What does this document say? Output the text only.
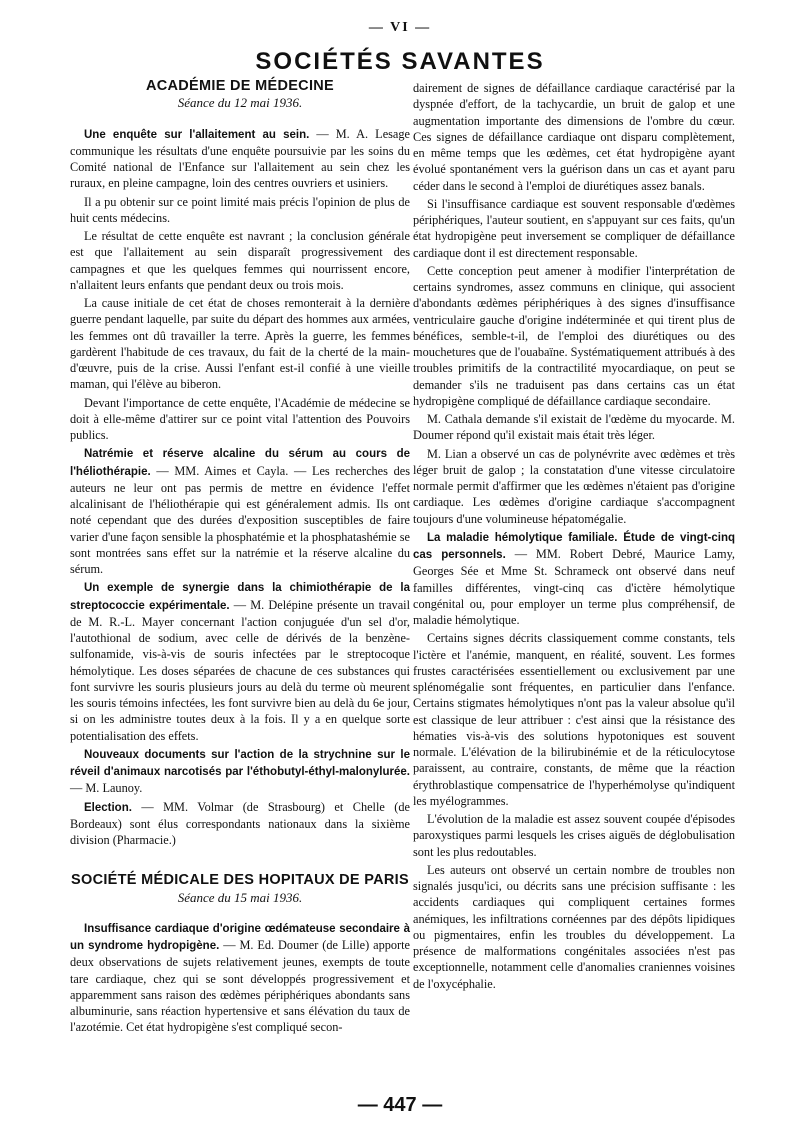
— VI —
SOCIÉTÉS SAVANTES
ACADÉMIE DE MÉDECINE
Séance du 12 mai 1936.

Une enquête sur l'allaitement au sein. — M. A. Lesage communique les résultats d'une enquête poursuivie par les soins du Comité national de l'Enfance sur l'allaitement au sein chez les ruraux, en pleine campagne, loin des centres ouvriers et usiniers.

Il a pu obtenir sur ce point limité mais précis l'opinion de plus de huit cents médecins.

Le résultat de cette enquête est navrant ; la conclusion générale est que l'allaitement au sein disparaît progressivement des campagnes et que les quelques femmes qui nourrissent encore, n'allaitent leurs enfants que pendant deux ou trois mois.

La cause initiale de cet état de choses remonterait à la dernière guerre pendant laquelle, par suite du départ des hommes aux armées, les femmes ont dû travailler la terre. Après la guerre, les femmes gardèrent l'habitude de ces travaux, du fait de la cherté de la main-d'œuvre, puis de la crise. Aussi l'enfant est-il confié à une vieille maman, qui l'élève au biberon.

Devant l'importance de cette enquête, l'Académie de médecine se doit à elle-même d'attirer sur ce point vital l'attention des Pouvoirs publics.

Natrémie et réserve alcaline du sérum au cours de l'héliothérapie. — MM. Aimes et Cayla. — Les recherches des auteurs ne leur ont pas permis de mettre en évidence l'effet alcalinisant de l'héliothérapie qui est généralement admis. Ils ont noté cependant que des durées d'exposition susceptibles de faire varier d'une façon sensible la phosphatémie et la phosphatashémie se sont montrées sans effet sur la natrémie et la réserve alcaline du sérum.

Un exemple de synergie dans la chimiothérapie de la streptococcie expérimentale. — M. Delépine présente un travail de M. R.-L. Mayer concernant l'action conjuguée d'un sel d'or, l'autothional de sodium, avec celle de dérivés de la benzène-sulfonamide, vis-à-vis de souris infectées par le streptocoque hémolytique. Les doses séparées de chacune de ces substances qui font survivre les souris plusieurs jours au delà du terme où meurent les souris témoins infectées, les font survivre bien au delà du 6e jour, si on les administre toutes deux à la fois. Il y a en quelque sorte potentialisation des effets.

Nouveaux documents sur l'action de la strychnine sur le réveil d'animaux narcotisés par l'éthobutyl-éthyl-malonylurée. — M. Launoy.

Election. — MM. Volmar (de Strasbourg) et Chelle (de Bordeaux) sont élus correspondants nationaux dans la sixième division (Pharmacie.)

SOCIÉTÉ MÉDICALE DES HOPITAUX DE PARIS
Séance du 15 mai 1936.

Insuffisance cardiaque d'origine œdémateuse secondaire à un syndrome hydropigène. — M. Ed. Doumer (de Lille) apporte deux observations de sujets relativement jeunes, exempts de toute tare cardiaque, chez qui se sont développés progressivement et apparemment sans raison des œdèmes périphériques abondants sans albuminurie, sans réaction hypertensive et sans élévation du taux de l'azotémie. Cet état hydropigène s'est compliqué secon-

dairement de signes de défaillance cardiaque caractérisé par la dyspnée d'effort, de la tachycardie, un bruit de galop et une augmentation importante des dimensions de l'ombre du cœur. Ces signes de défaillance cardiaque ont disparu complètement, en même temps que les œdèmes, cet état hydropigène ayant évolué spontanément vers la guérison dans un cas et ayant paru céder dans le second à l'emploi de diurétiques assez banals.

Si l'insuffisance cardiaque est souvent responsable d'œdèmes périphériques, l'auteur soutient, en s'appuyant sur ces faits, qu'un état hydropigène peut inversement se compliquer de défaillance cardiaque dont il est directement responsable.

Cette conception peut amener à modifier l'interprétation de certains syndromes, assez communs en clinique, qui associent d'abondants œdèmes périphériques à des signes d'insuffisance ventriculaire gauche d'origine indéterminée et qui tirent plus de bénéfices, semble-t-il, de l'emploi des diurétiques ou des mouchetures que de l'ouabaïne. Systématiquement attribués à des troubles primitifs de la contractilité myocardiaque, on peut se demander s'ils ne traduisent pas dans certains cas un état hydropigène compliqué de défaillance cardiaque secondaire.

M. Cathala demande s'il existait de l'œdème du myocarde. M. Doumer répond qu'il existait mais était très léger.

M. Lian a observé un cas de polynévrite avec œdèmes et très léger bruit de galop ; la constatation d'une vitesse circulatoire normale permit d'affirmer que les œdèmes n'étaient pas d'origine cardiaque. Les œdèmes d'origine cardiaque s'accompagnent toujours d'une volumineuse hépatomégalie.

La maladie hémolytique familiale. Étude de vingt-cinq cas personnels. — MM. Robert Debré, Maurice Lamy, Georges Sée et Mme St. Schrameck ont observé dans neuf familles différentes, vingt-cinq cas d'ictère hémolytique congénital ou, pour employer un terme plus compréhensif, de maladie hémolytique.

Certains signes décrits classiquement comme constants, tels l'ictère et l'anémie, manquent, en réalité, souvent. Les formes frustes caractérisées essentiellement ou exclusivement par une splénomégalie sont fréquentes, en particulier dans l'enfance. Certains stigmates hémolytiques n'ont pas la valeur absolue qu'il est classique de leur attribuer : c'est ainsi que la résistance des hématies vis-à-vis des solutions hypotoniques est souvent normale. L'élévation de la bilirubinémie et de la réticulocytose paraissent, au contraire, constants, de même que la réaction érythroblastique compensatrice de l'hyperhémolyse qu'indiquent les myélogrammes.

L'évolution de la maladie est assez souvent coupée d'épisodes paroxystiques parmi lesquels les crises aiguës de déglobulisation sont les plus redoutables.

Les auteurs ont observé un certain nombre de troubles non signalés jusqu'ici, ou décrits sans une précision suffisante : les accidents cardiaques qui compliquent certaines formes anémiques, les infiltrations cornéennes par des dépôts lipidiques ou pigmentaires, enfin les troubles du développement. La présence de malformations congénitales associées n'est pas exceptionnelle, notamment celle d'anomalies craniennes voisines de l'oxycéphalie.

— 447 —
